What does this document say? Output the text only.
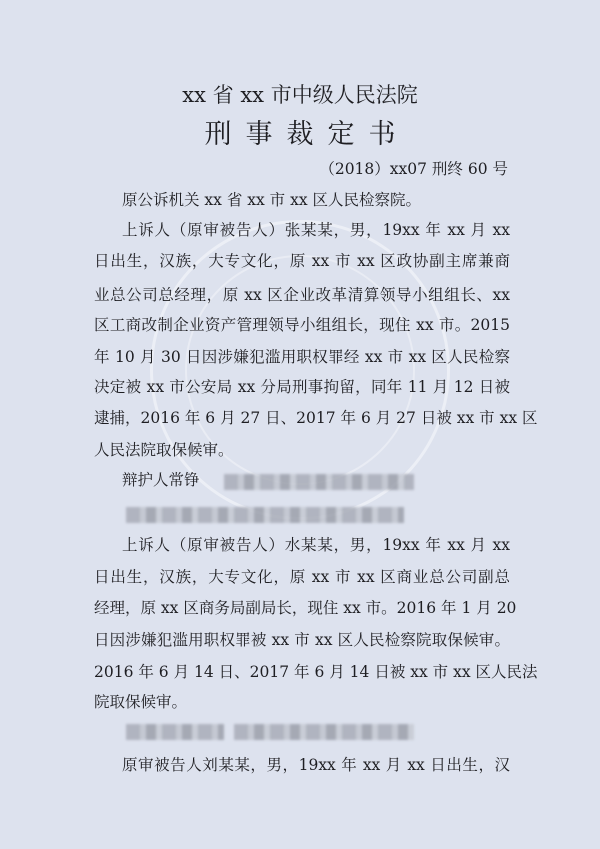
xx 省 xx 市中级人民法院
刑事裁定书
（2018）xx07 刑终 60 号
原公诉机关 xx 省 xx 市 xx 区人民检察院。
上诉人（原审被告人）张某某，男，19xx 年 xx 月 xx
日出生，汉族，大专文化，原 xx 市 xx 区政协副主席兼商
业总公司总经理，原 xx 区企业改革清算领导小组组长、xx
区工商改制企业资产管理领导小组组长，现住 xx 市。2015
年 10 月 30 日因涉嫌犯滥用职权罪经 xx 市 xx 区人民检察
决定被 xx 市公安局 xx 分局刑事拘留，同年 11 月 12 日被
逮捕，2016 年 6 月 27 日、2017 年 6 月 27 日被 xx 市 xx 区
人民法院取保候审。
辩护人常铮
上诉人（原审被告人）水某某，男，19xx 年 xx 月 xx
日出生，汉族，大专文化，原 xx 市 xx 区商业总公司副总
经理，原 xx 区商务局副局长，现住 xx 市。2016 年 1 月 20
日因涉嫌犯滥用职权罪被 xx 市 xx 区人民检察院取保候审。
2016 年 6 月 14 日、2017 年 6 月 14 日被 xx 市 xx 区人民法
院取保候审。
原审被告人刘某某，男，19xx 年 xx 月 xx 日出生，汉
